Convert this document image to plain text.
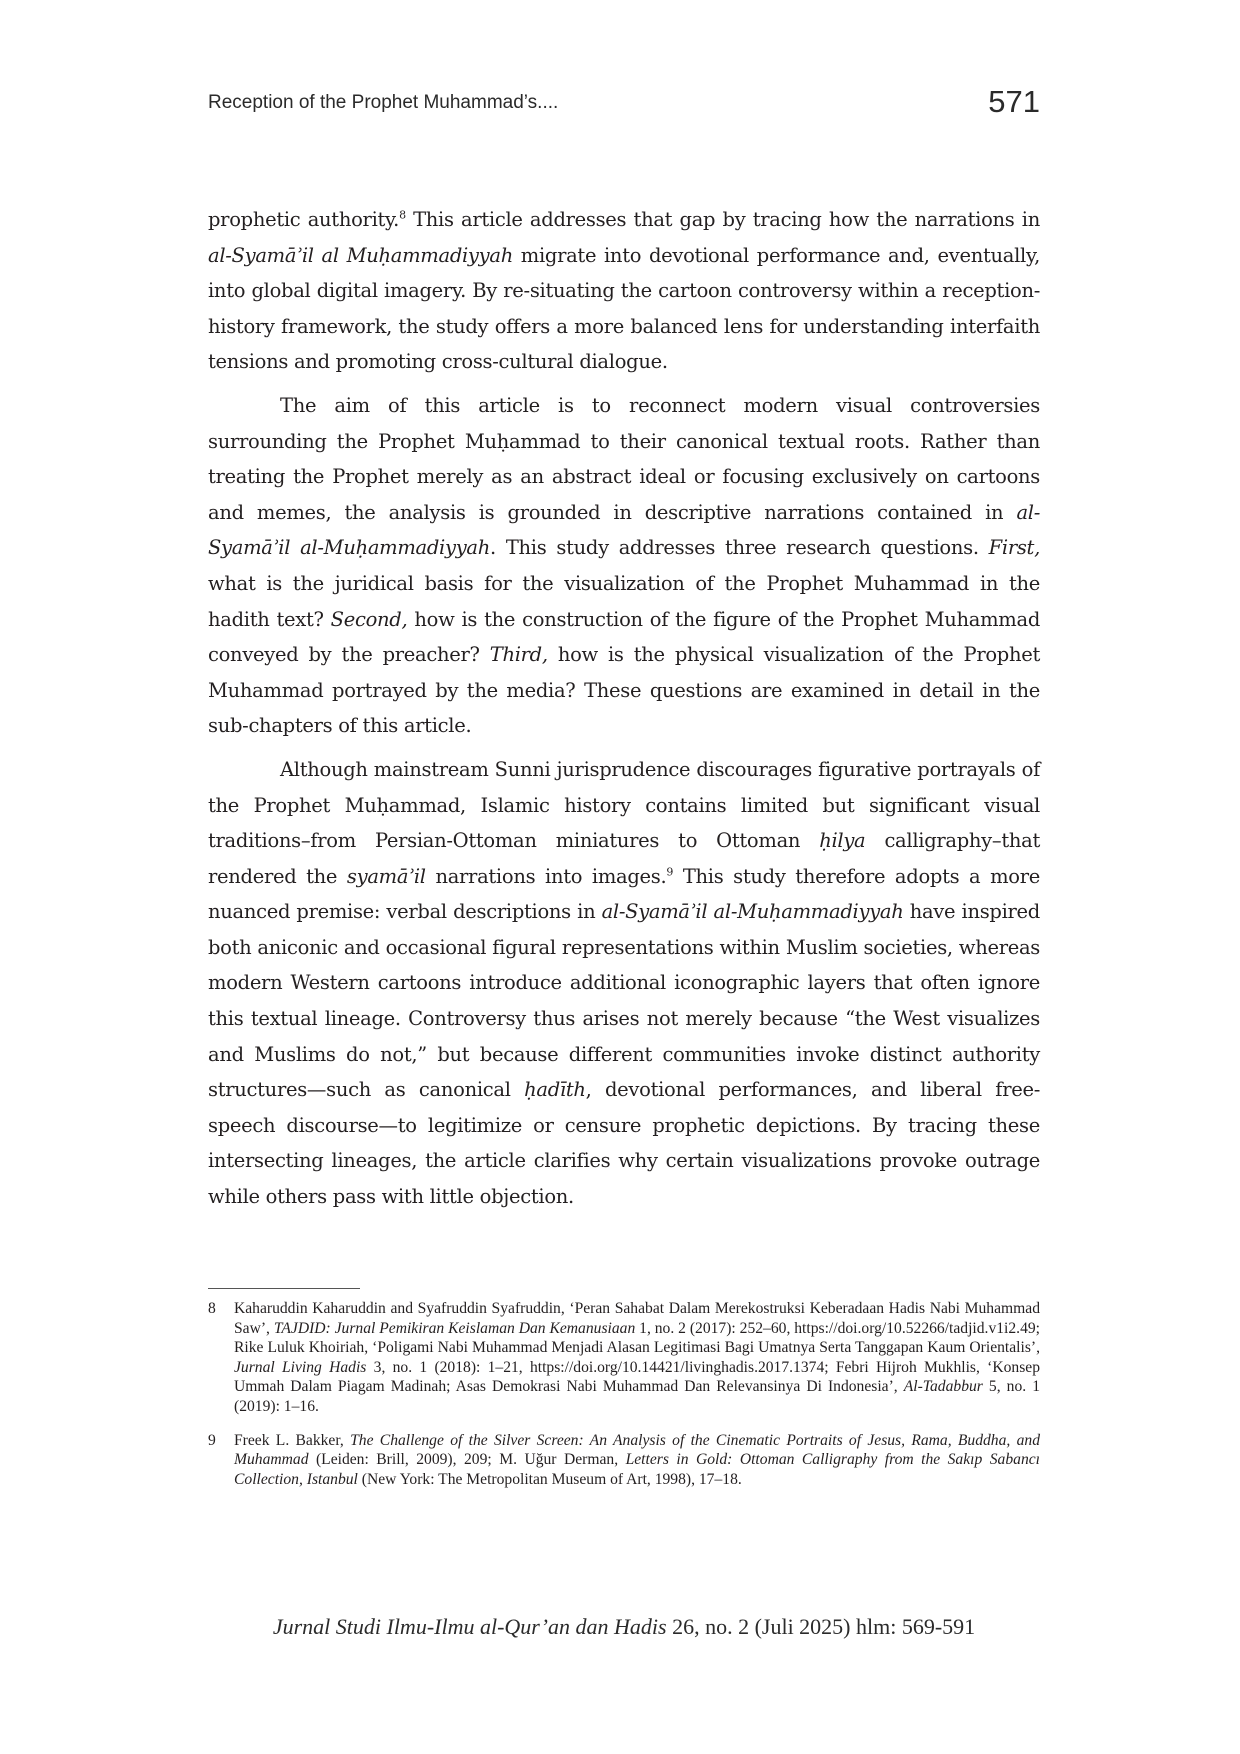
Reception of the Prophet Muhammad’s....	571

prophetic authority.$^8$ This article addresses that gap by tracing how the narrations in al-Syamāʾil al Muḥammadiyyah migrate into devotional performance and, eventually, into global digital imagery. By re-situating the cartoon controversy within a reception-history framework, the study offers a more balanced lens for understanding interfaith tensions and promoting cross-cultural dialogue.

The aim of this article is to reconnect modern visual controversies surrounding the Prophet Muḥammad to their canonical textual roots. Rather than treating the Prophet merely as an abstract ideal or focusing exclusively on cartoons and memes, the analysis is grounded in descriptive narrations contained in al-Syamāʾil al-Muḥammadiyyah. This study addresses three research questions. First, what is the juridical basis for the visualization of the Prophet Muhammad in the hadith text? Second, how is the construction of the figure of the Prophet Muhammad conveyed by the preacher? Third, how is the physical visualization of the Prophet Muhammad portrayed by the media? These questions are examined in detail in the sub-chapters of this article.

Although mainstream Sunni jurisprudence discourages figurative portrayals of the Prophet Muḥammad, Islamic history contains limited but significant visual traditions–from Persian-Ottoman miniatures to Ottoman ḥilya calligraphy–that rendered the syamāʾil narrations into images.$^9$ This study therefore adopts a more nuanced premise: verbal descriptions in al-Syamāʾil al-Muḥammadiyyah have inspired both aniconic and occasional figural representations within Muslim societies, whereas modern Western cartoons introduce additional iconographic layers that often ignore this textual lineage. Controversy thus arises not merely because “the West visualizes and Muslims do not,” but because different communities invoke distinct authority structures—such as canonical ḥadīth, devotional performances, and liberal free-speech discourse—to legitimize or censure prophetic depictions. By tracing these intersecting lineages, the article clarifies why certain visualizations provoke outrage while others pass with little objection.

8 Kaharuddin Kaharuddin and Syafruddin Syafruddin, ‘Peran Sahabat Dalam Merekostruksi Keberadaan Hadis Nabi Muhammad Saw’, TAJDID: Jurnal Pemikiran Keislaman Dan Kemanusiaan 1, no. 2 (2017): 252–60, https://doi.org/10.52266/tadjid.v1i2.49; Rike Luluk Khoiriah, ‘Poligami Nabi Muhammad Menjadi Alasan Legitimasi Bagi Umatnya Serta Tanggapan Kaum Orientalis’, Jurnal Living Hadis 3, no. 1 (2018): 1–21, https://doi.org/10.14421/livinghadis.2017.1374; Febri Hijroh Mukhlis, ‘Konsep Ummah Dalam Piagam Madinah; Asas Demokrasi Nabi Muhammad Dan Relevansinya Di Indonesia’, Al-Tadabbur 5, no. 1 (2019): 1–16.
9 Freek L. Bakker, The Challenge of the Silver Screen: An Analysis of the Cinematic Portraits of Jesus, Rama, Buddha, and Muhammad (Leiden: Brill, 2009), 209; M. Uğur Derman, Letters in Gold: Ottoman Calligraphy from the Sakıp Sabancı Collection, Istanbul (New York: The Metropolitan Museum of Art, 1998), 17–18.
Jurnal Studi Ilmu-Ilmu al-Qur’an dan Hadis 26, no. 2 (Juli 2025) hlm: 569-591
